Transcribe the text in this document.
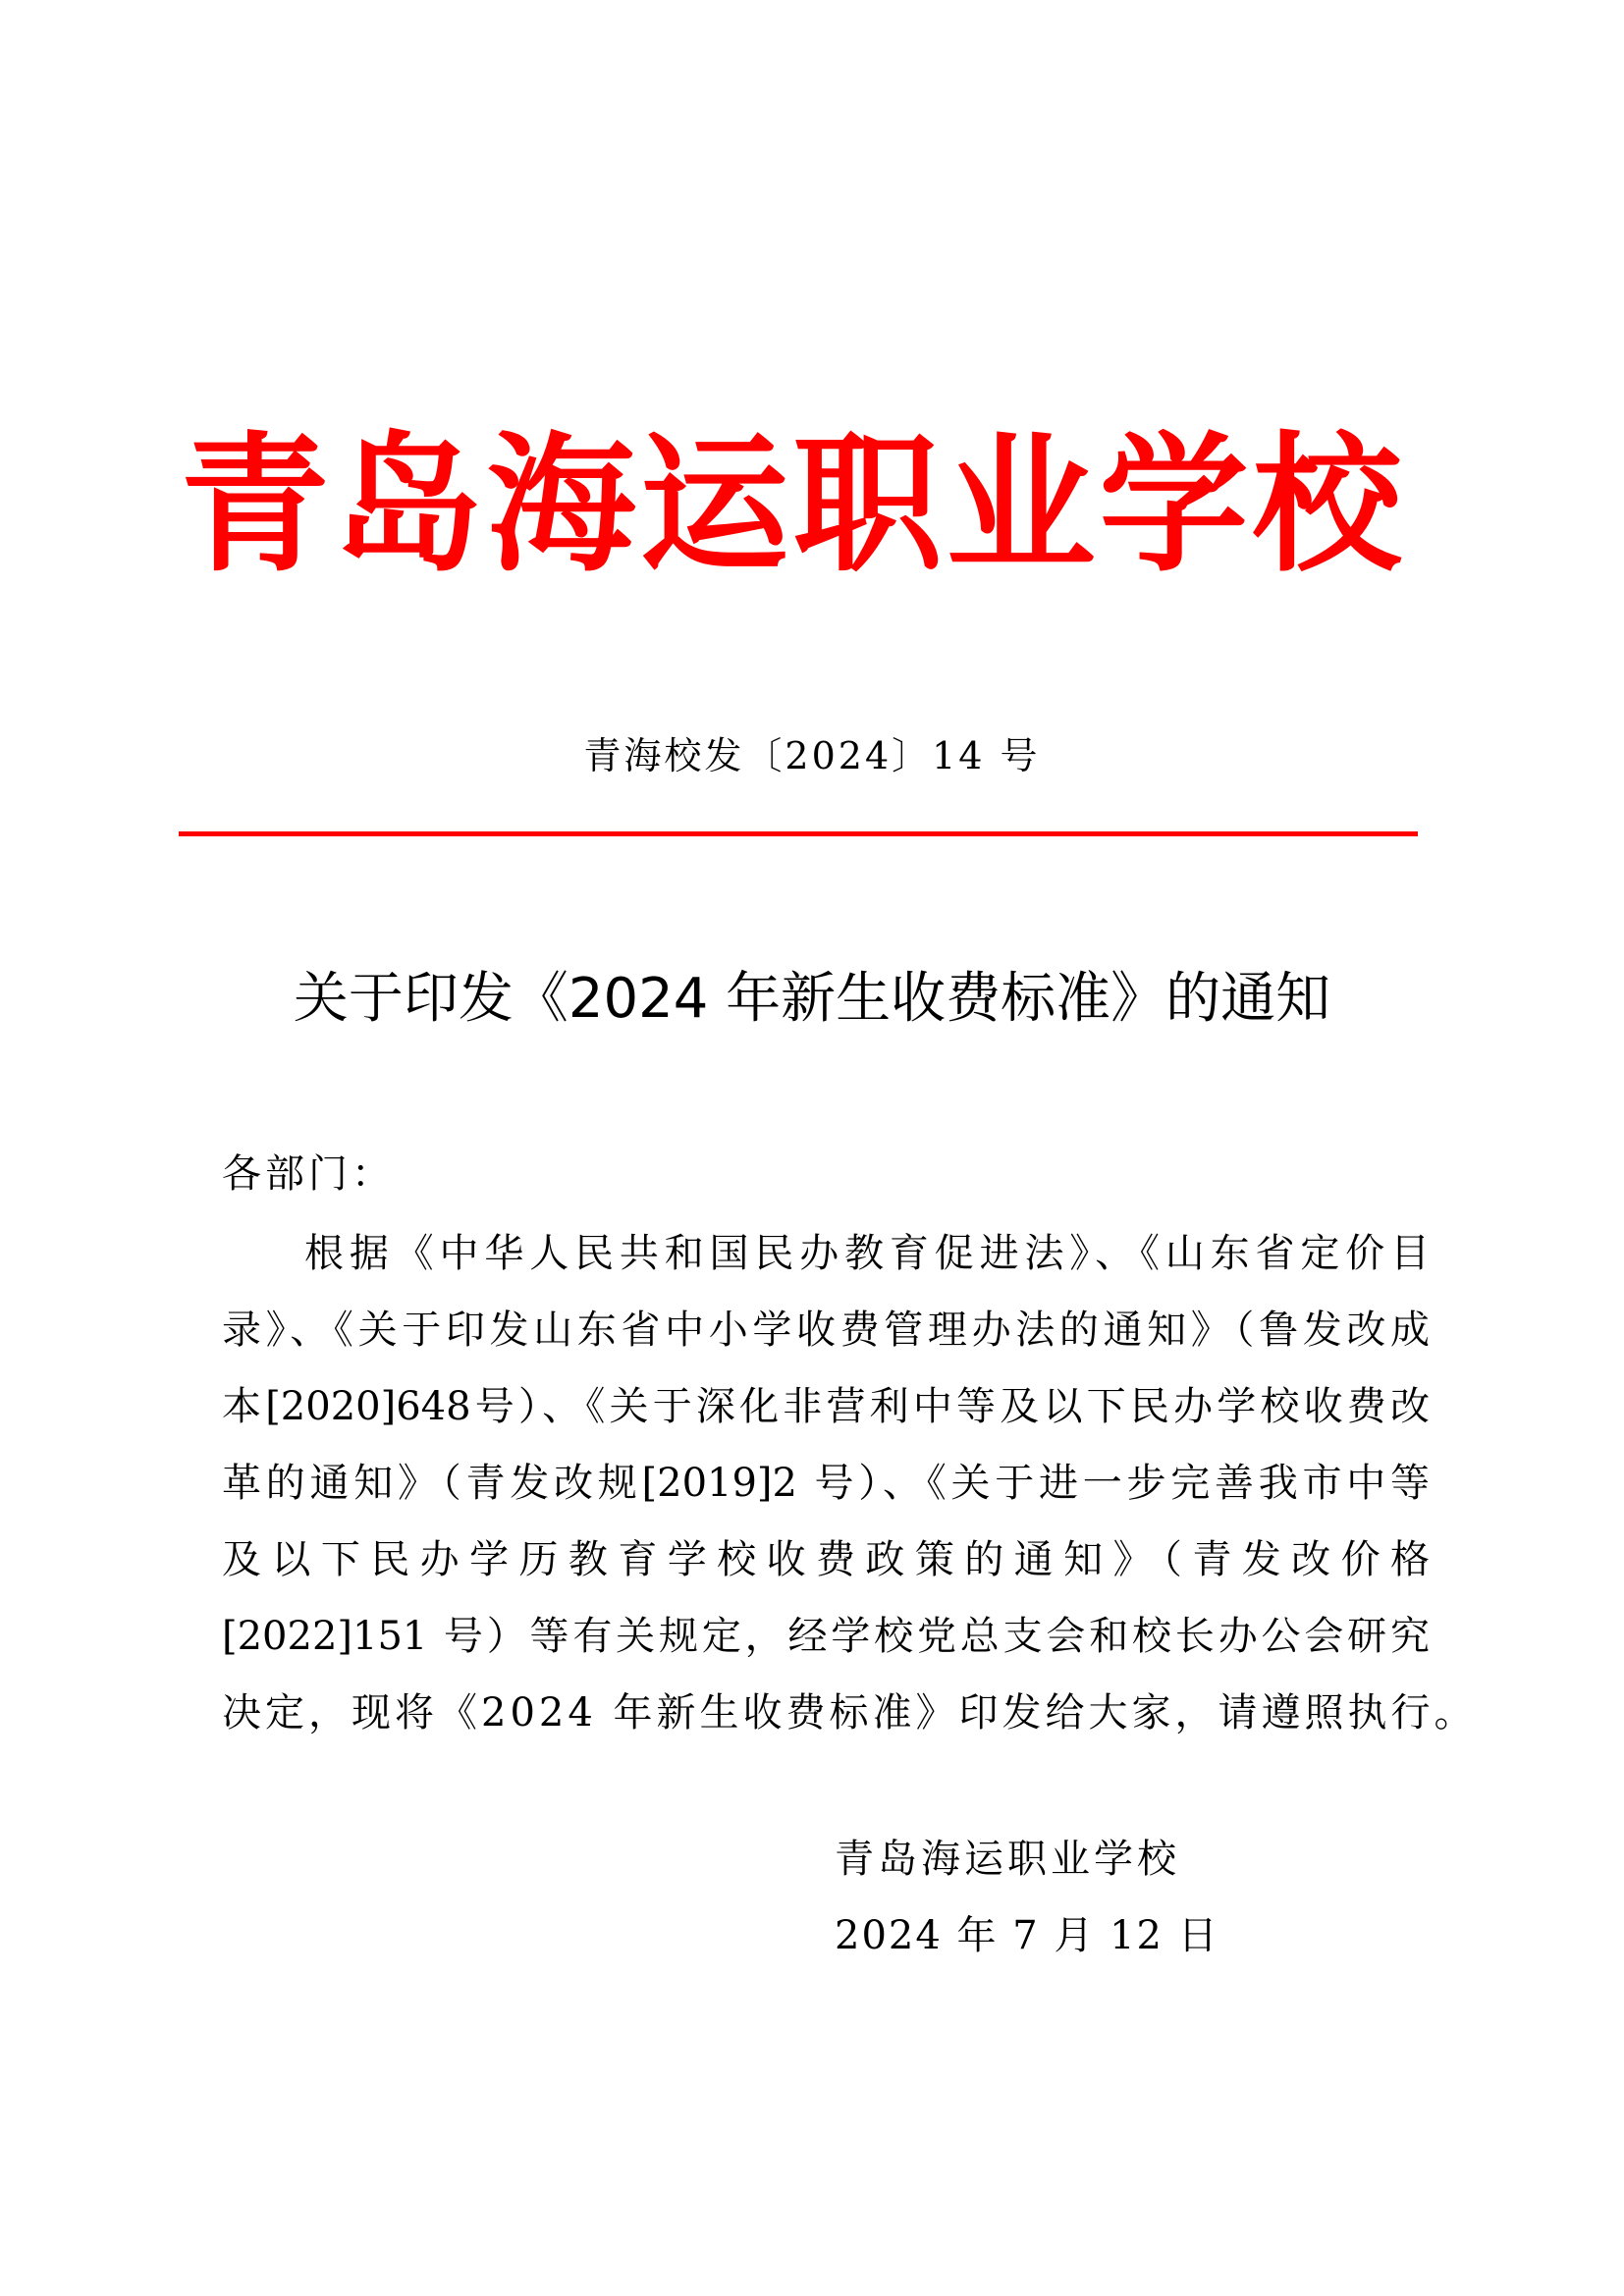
青岛海运职业学校
青海校发〔2024〕14 号
关于印发《2024 年新生收费标准》的通知
各部门：
根据《中华人民共和国民办教育促进法》、《山东省定价目
录》、《关于印发山东省中小学收费管理办法的通知》（鲁发改成
本[2020]648号）、《关于深化非营利中等及以下民办学校收费改
革的通知》（青发改规[2019]2 号）、《关于进一步完善我市中等
及以下民办学历教育学校收费政策的通知》（青发改价格
[2022]151 号）等有关规定，经学校党总支会和校长办公会研究
决定，现将《2024 年新生收费标准》印发给大家，请遵照执行。
青岛海运职业学校
2024 年 7 月 12 日
